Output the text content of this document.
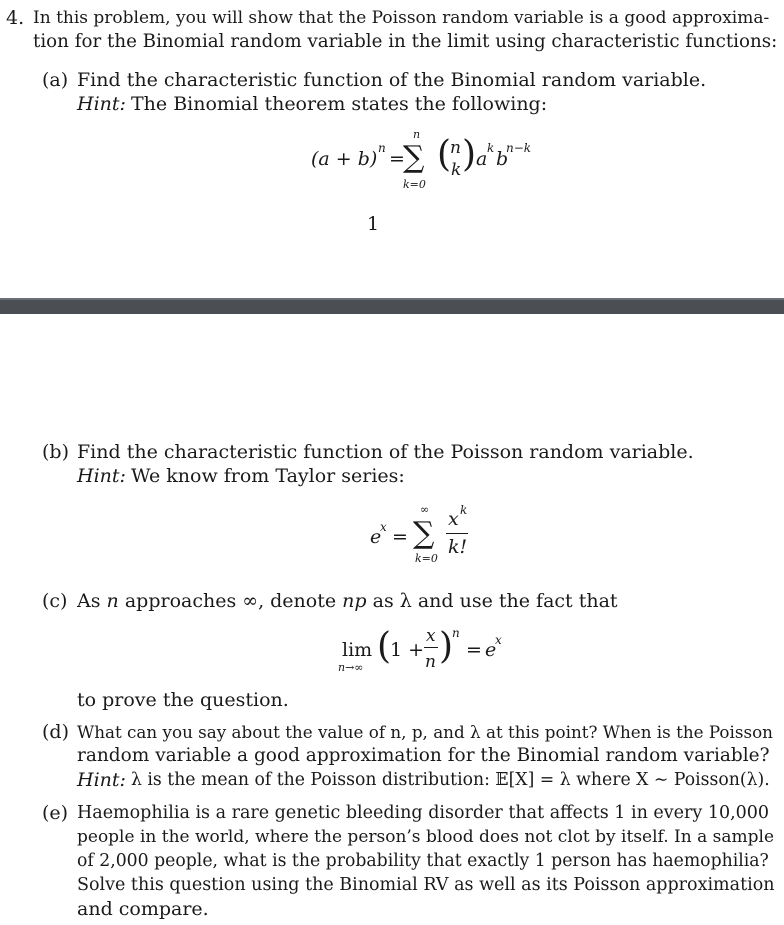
4. In this problem, you will show that the Poisson random variable is a good approxima-
tion for the Binomial random variable in the limit using characteristic functions:
(a) Find the characteristic function of the Binomial random variable.
Hint: The Binomial theorem states the following:
(a + b) n =
n
∑
k=0
(
n
k ) a k b
n−k
1
(b) Find the characteristic function of the Poisson random variable.
Hint: We know from Taylor series:
e
x =
∞
∑
k=0
x k
k!
(c) As n approaches ∞, denote np as λ and use the fact that
lim
n→∞
(
1 +
x
n )
n
= e
x
to prove the question.
(d) What can you say about the value of n, p, and λ at this point? When is the Poisson
random variable a good approximation for the Binomial random variable?
Hint: λ is the mean of the Poisson distribution: 𝔼[X] = λ where X ∼ Poisson(λ).
(e) Haemophilia is a rare genetic bleeding disorder that affects 1 in every 10,000
people in the world, where the person’s blood does not clot by itself. In a sample
of 2,000 people, what is the probability that exactly 1 person has haemophilia?
Solve this question using the Binomial RV as well as its Poisson approximation
and compare.
